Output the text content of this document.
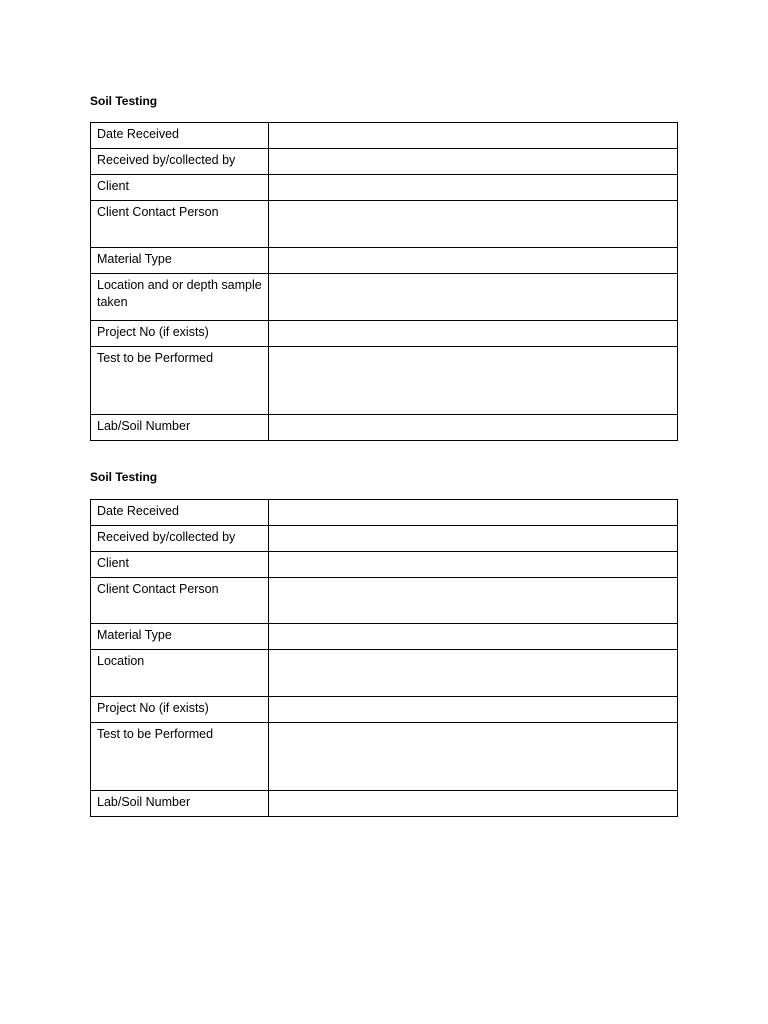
Soil Testing
Date Received	
Received by/collected by	
Client	
Client Contact Person	
Material Type	
Location and or depth sample taken	
Project No (if exists)	
Test to be Performed	
Lab/Soil Number	
Soil Testing
Date Received	
Received by/collected by	
Client	
Client Contact Person	
Material Type	
Location	
Project No (if exists)	
Test to be Performed	
Lab/Soil Number	
